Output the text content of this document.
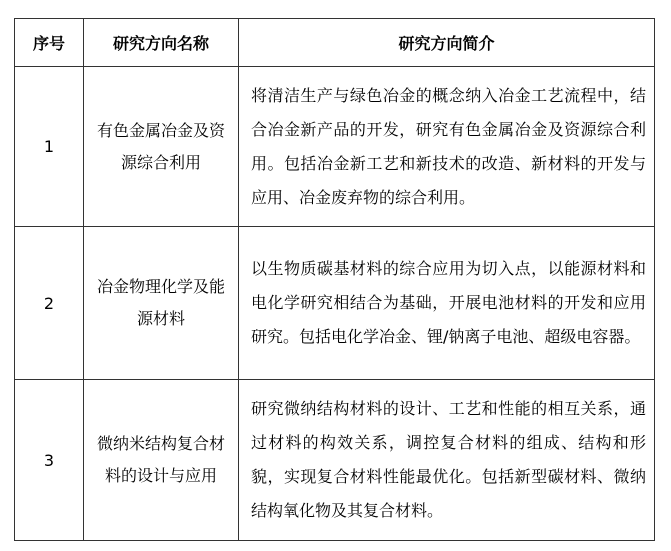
序号	研究方向名称	研究方向简介
1	有色金属冶金及资源综合利用	将清洁生产与绿色冶金的概念纳入冶金工艺流程中，结合冶金新产品的开发，研究有色金属冶金及资源综合利用。包括冶金新工艺和新技术的改造、新材料的开发与应用、冶金废弃物的综合利用。
2	冶金物理化学及能源材料	以生物质碳基材料的综合应用为切入点，以能源材料和电化学研究相结合为基础，开展电池材料的开发和应用研究。包括电化学冶金、锂/钠离子电池、超级电容器。
3	微纳米结构复合材料的设计与应用	研究微纳结构材料的设计、工艺和性能的相互关系，通过材料的构效关系，调控复合材料的组成、结构和形貌，实现复合材料性能最优化。包括新型碳材料、微纳结构氧化物及其复合材料。
